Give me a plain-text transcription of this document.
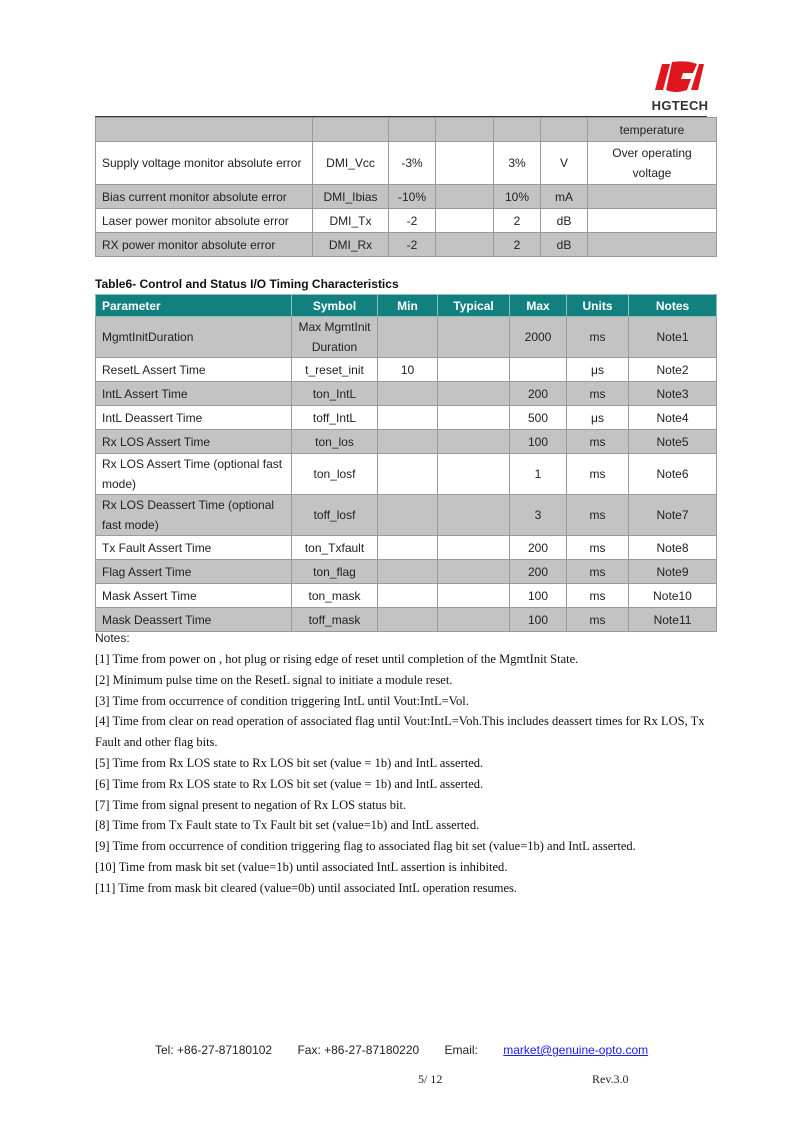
HGTECH
						temperature
Supply voltage monitor absolute error	DMI_Vcc	-3%		3%	V	Over operating voltage
Bias current monitor absolute error	DMI_Ibias	-10%		10%	mA	
Laser power monitor absolute error	DMI_Tx	-2		2	dB	
RX power monitor absolute error	DMI_Rx	-2		2	dB	
Table6- Control and Status I/O Timing Characteristics
Parameter	Symbol	Min	Typical	Max	Units	Notes
MgmtInitDuration	Max MgmtInit Duration			2000	ms	Note1
ResetL Assert Time	t_reset_init	10			μs	Note2
IntL Assert Time	ton_IntL			200	ms	Note3
IntL Deassert Time	toff_IntL			500	μs	Note4
Rx LOS Assert Time	ton_los			100	ms	Note5
Rx LOS Assert Time (optional fast mode)	ton_losf			1	ms	Note6
Rx LOS Deassert Time (optional fast mode)	toff_losf			3	ms	Note7
Tx Fault Assert Time	ton_Txfault			200	ms	Note8
Flag Assert Time	ton_flag			200	ms	Note9
Mask Assert Time	ton_mask			100	ms	Note10
Mask Deassert Time	toff_mask			100	ms	Note11
Notes:
[1] Time from power on , hot plug or rising edge of reset until completion of the MgmtInit State.
[2] Minimum pulse time on the ResetL signal to initiate a module reset.
[3] Time from occurrence of condition triggering IntL until Vout:IntL=Vol.
[4] Time from clear on read operation of associated flag until Vout:IntL=Voh.This includes deassert times for Rx LOS, Tx Fault and other flag bits.
[5] Time from Rx LOS state to Rx LOS bit set (value = 1b) and IntL asserted.
[6] Time from Rx LOS state to Rx LOS bit set (value = 1b) and IntL asserted.
[7] Time from signal present to negation of Rx LOS status bit.
[8] Time from Tx Fault state to Tx Fault bit set (value=1b) and IntL asserted.
[9] Time from occurrence of condition triggering flag to associated flag bit set (value=1b) and IntL asserted.
[10] Time from mask bit set (value=1b) until associated IntL assertion is inhibited.
[11] Time from mask bit cleared (value=0b) until associated IntL operation resumes.
Tel: +86-27-87180102 Fax: +86-27-87180220 Email: market@genuine-opto.com
5/ 12	Rev.3.0
